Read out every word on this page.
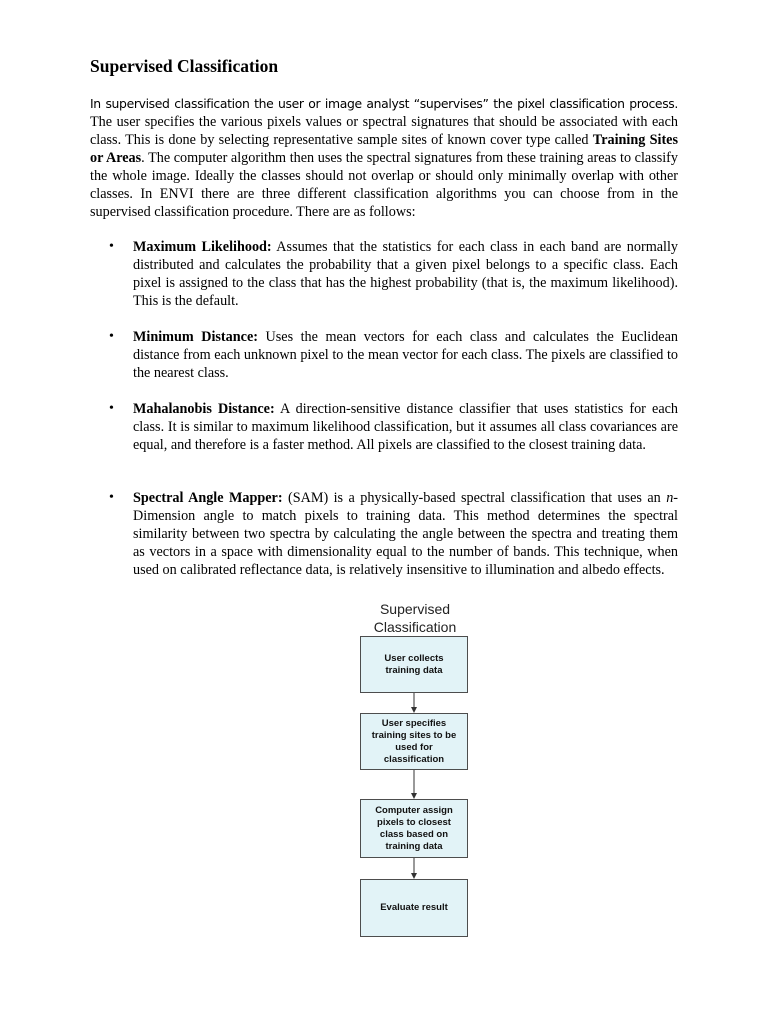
Supervised Classification

In supervised classification the user or image analyst “supervises” the pixel classification process. The user specifies the various pixels values or spectral signatures that should be associated with each class. This is done by selecting representative sample sites of known cover type called Training Sites or Areas. The computer algorithm then uses the spectral signatures from these training areas to classify the whole image. Ideally the classes should not overlap or should only minimally overlap with other classes. In ENVI there are three different classification algorithms you can choose from in the supervised classification procedure. There are as follows:

• Maximum Likelihood: Assumes that the statistics for each class in each band are normally distributed and calculates the probability that a given pixel belongs to a specific class. Each pixel is assigned to the class that has the highest probability (that is, the maximum likelihood). This is the default.
• Minimum Distance: Uses the mean vectors for each class and calculates the Euclidean distance from each unknown pixel to the mean vector for each class. The pixels are classified to the nearest class.
• Mahalanobis Distance: A direction-sensitive distance classifier that uses statistics for each class. It is similar to maximum likelihood classification, but it assumes all class covariances are equal, and therefore is a faster method. All pixels are classified to the closest training data.
• Spectral Angle Mapper: (SAM) is a physically-based spectral classification that uses an n-Dimension angle to match pixels to training data. This method determines the spectral similarity between two spectra by calculating the angle between the spectra and treating them as vectors in a space with dimensionality equal to the number of bands. This technique, when used on calibrated reflectance data, is relatively insensitive to illumination and albedo effects.
Supervised
Classification
User collects
training data
User specifies
training sites to be
used for classification
Computer assign
pixels to closest
class based on
training data
Evaluate result
